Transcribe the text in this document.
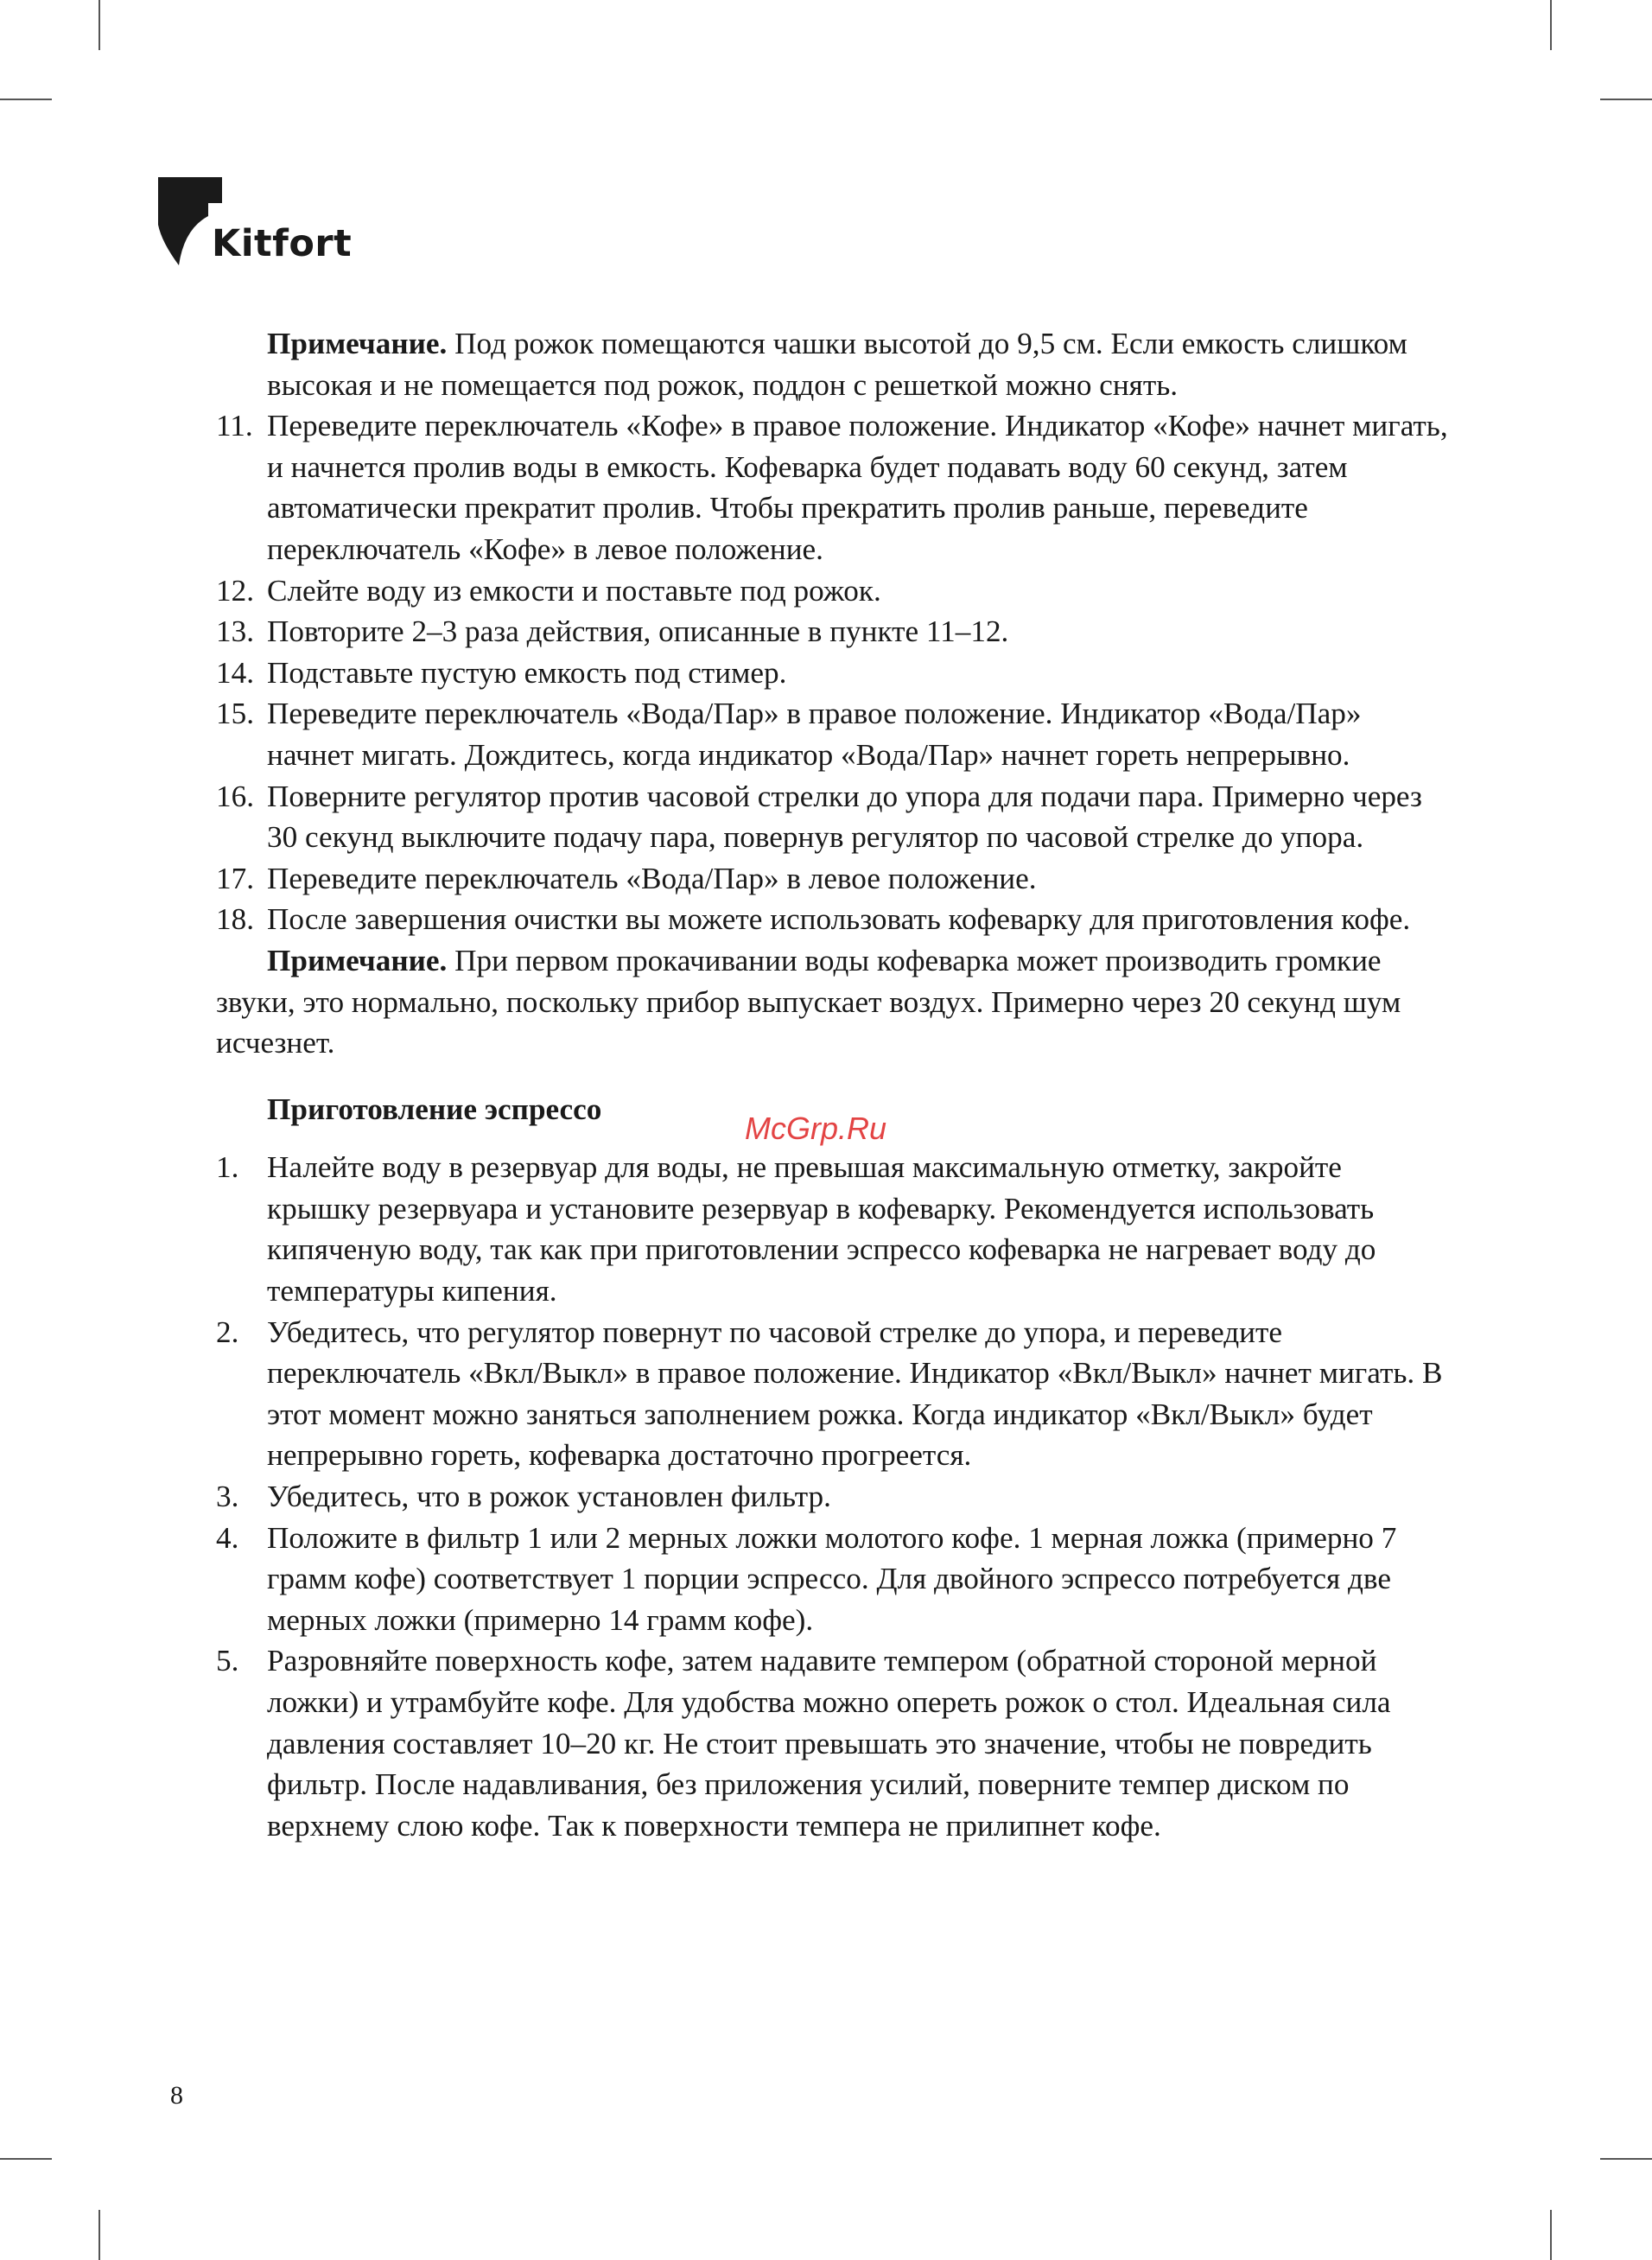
Kitfort

Примечание. Под рожок помещаются чашки высотой до 9,5 см. Если емкость слишком высокая и не помещается под рожок, поддон с решеткой можно снять.

11. Переведите переключатель «Кофе» в правое положение. Индикатор «Кофе» начнет мигать, и начнется пролив воды в емкость. Кофеварка будет подавать воду 60 секунд, затем автоматически прекратит пролив. Чтобы прекратить пролив раньше, переведите переключатель «Кофе» в левое положение.

12. Слейте воду из емкости и поставьте под рожок.

13. Повторите 2–3 раза действия, описанные в пункте 11–12.

14. Подставьте пустую емкость под стимер.

15. Переведите переключатель «Вода/Пар» в правое положение. Индикатор «Вода/Пар» начнет мигать. Дождитесь, когда индикатор «Вода/Пар» начнет гореть непрерывно.

16. Поверните регулятор против часовой стрелки до упора для подачи пара. Примерно через 30 секунд выключите подачу пара, повернув регулятор по часовой стрелке до упора.

17. Переведите переключатель «Вода/Пар» в левое положение.

18. После завершения очистки вы можете использовать кофеварку для приготовления кофе.

Примечание. При первом прокачивании воды кофеварка может производить громкие звуки, это нормально, поскольку прибор выпускает воздух. Примерно через 20 секунд шум исчезнет.

Приготовление эспрессо

1. Налейте воду в резервуар для воды, не превышая максимальную отметку, закройте крышку резервуара и установите резервуар в кофеварку. Рекомендуется использовать кипяченую воду, так как при приготовлении эспрессо кофеварка не нагревает воду до температуры кипения.

2. Убедитесь, что регулятор повернут по часовой стрелке до упора, и переведите переключатель «Вкл/Выкл» в правое положение. Индикатор «Вкл/Выкл» начнет мигать. В этот момент можно заняться заполнением рожка. Когда индикатор «Вкл/Выкл» будет непрерывно гореть, кофеварка достаточно прогреется.

3. Убедитесь, что в рожок установлен фильтр.

4. Положите в фильтр 1 или 2 мерных ложки молотого кофе. 1 мерная ложка (примерно 7 грамм кофе) соответствует 1 порции эспрессо. Для двойного эспрессо потребуется две мерных ложки (примерно 14 грамм кофе).

5. Разровняйте поверхность кофе, затем надавите темпером (обратной стороной мерной ложки) и утрамбуйте кофе. Для удобства можно опереть рожок о стол. Идеальная сила давления составляет 10–20 кг. Не стоит превышать это значение, чтобы не повредить фильтр. После надавливания, без приложения усилий, поверните темпер диском по верхнему слою кофе. Так к поверхности темпера не прилипнет кофе.

McGrp.Ru
8
